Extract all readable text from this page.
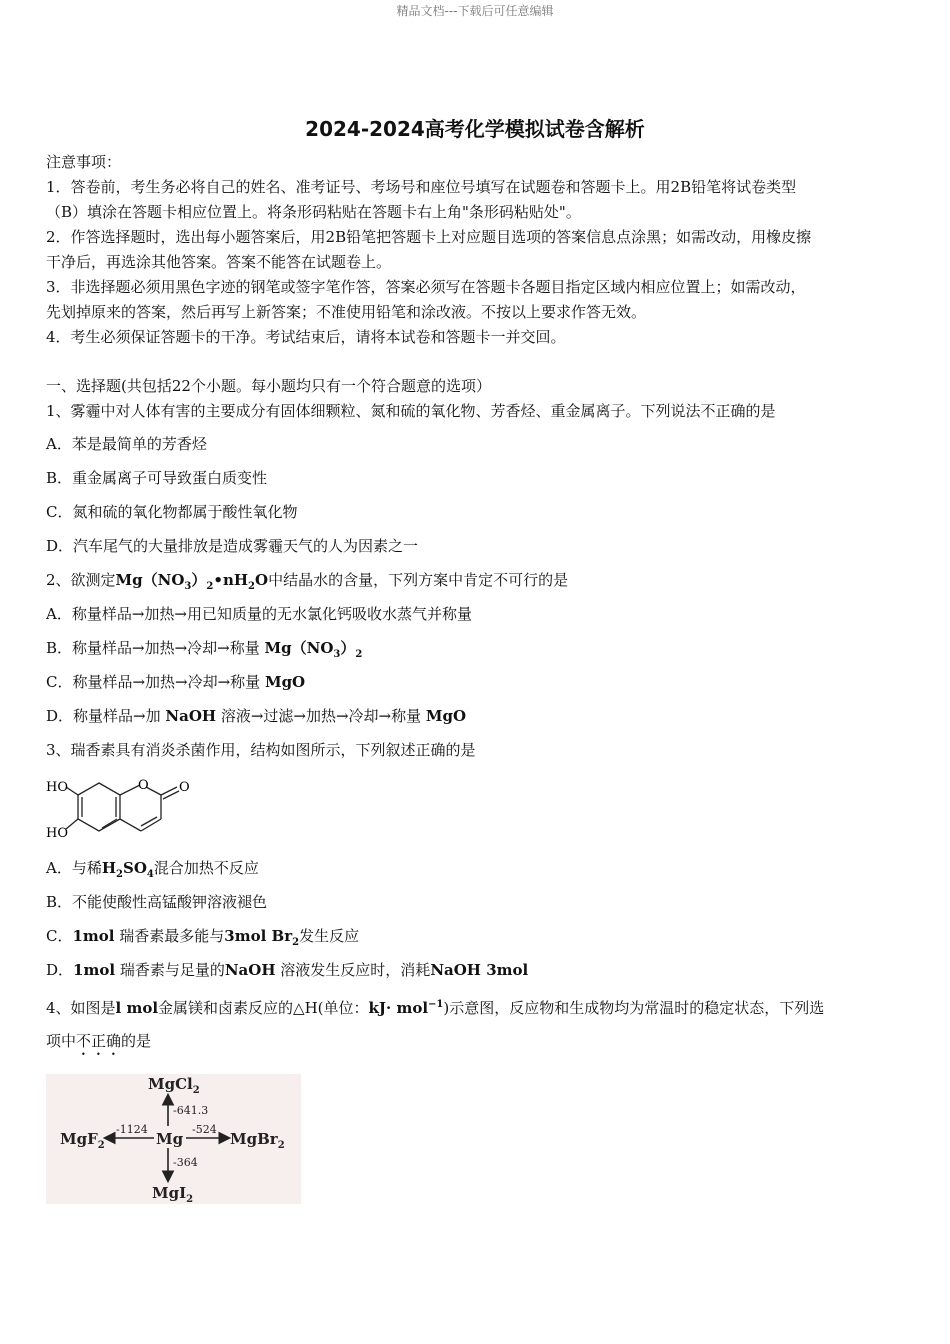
精品文档---下载后可任意编辑
2024-2024高考化学模拟试卷含解析
注意事项：
1．答卷前，考生务必将自己的姓名、准考证号、考场号和座位号填写在试题卷和答题卡上。用2B铅笔将试卷类型
（B）填涂在答题卡相应位置上。将条形码粘贴在答题卡右上角"条形码粘贴处"。
2．作答选择题时，选出每小题答案后，用2B铅笔把答题卡上对应题目选项的答案信息点涂黑；如需改动，用橡皮擦
干净后，再选涂其他答案。答案不能答在试题卷上。
3．非选择题必须用黑色字迹的钢笔或签字笔作答，答案必须写在答题卡各题目指定区域内相应位置上；如需改动，
先划掉原来的答案，然后再写上新答案；不准使用铅笔和涂改液。不按以上要求作答无效。
4．考生必须保证答题卡的干净。考试结束后，请将本试卷和答题卡一并交回。
一、选择题(共包括22个小题。每小题均只有一个符合题意的选项）
1、雾霾中对人体有害的主要成分有固体细颗粒、氮和硫的氧化物、芳香烃、重金属离子。下列说法不正确的是
A．苯是最简单的芳香烃
B．重金属离子可导致蛋白质变性
C．氮和硫的氧化物都属于酸性氧化物
D．汽车尾气的大量排放是造成雾霾天气的人为因素之一
2、欲测定$Mg(NO_3)_2•nH_2O$中结晶水的含量，下列方案中肯定不可行的是
A．称量样品→加热→用已知质量的无水氯化钙吸收水蒸气并称量
B．称量样品→加热→冷却→称量 $Mg(NO_3)_2$
C．称量样品→加热→冷却→称量 MgO
D．称量样品→加 NaOH 溶液→过滤→加热→冷却→称量 MgO
3、瑞香素具有消炎杀菌作用，结构如图所示，下列叙述正确的是
HO
HO
O O
A．与稀$H_2SO_4$混合加热不反应
B．不能使酸性高锰酸钾溶液褪色
C．1mol 瑞香素最多能与3mol $Br_2$发生反应
D．1mol 瑞香素与足量的NaOH 溶液发生反应时，消耗NaOH 3mol
4、如图是l mol金属镁和卤素反应的△H(单位：kJ· mol$^{-1}$)示意图，反应物和生成物均为常温时的稳定状态，下列选
项中不正确的是
MgCl$_2$
MgF$_2$	Mg	MgBr$_2$
MgI$_2$
-641.3
-1124	-524
-364
